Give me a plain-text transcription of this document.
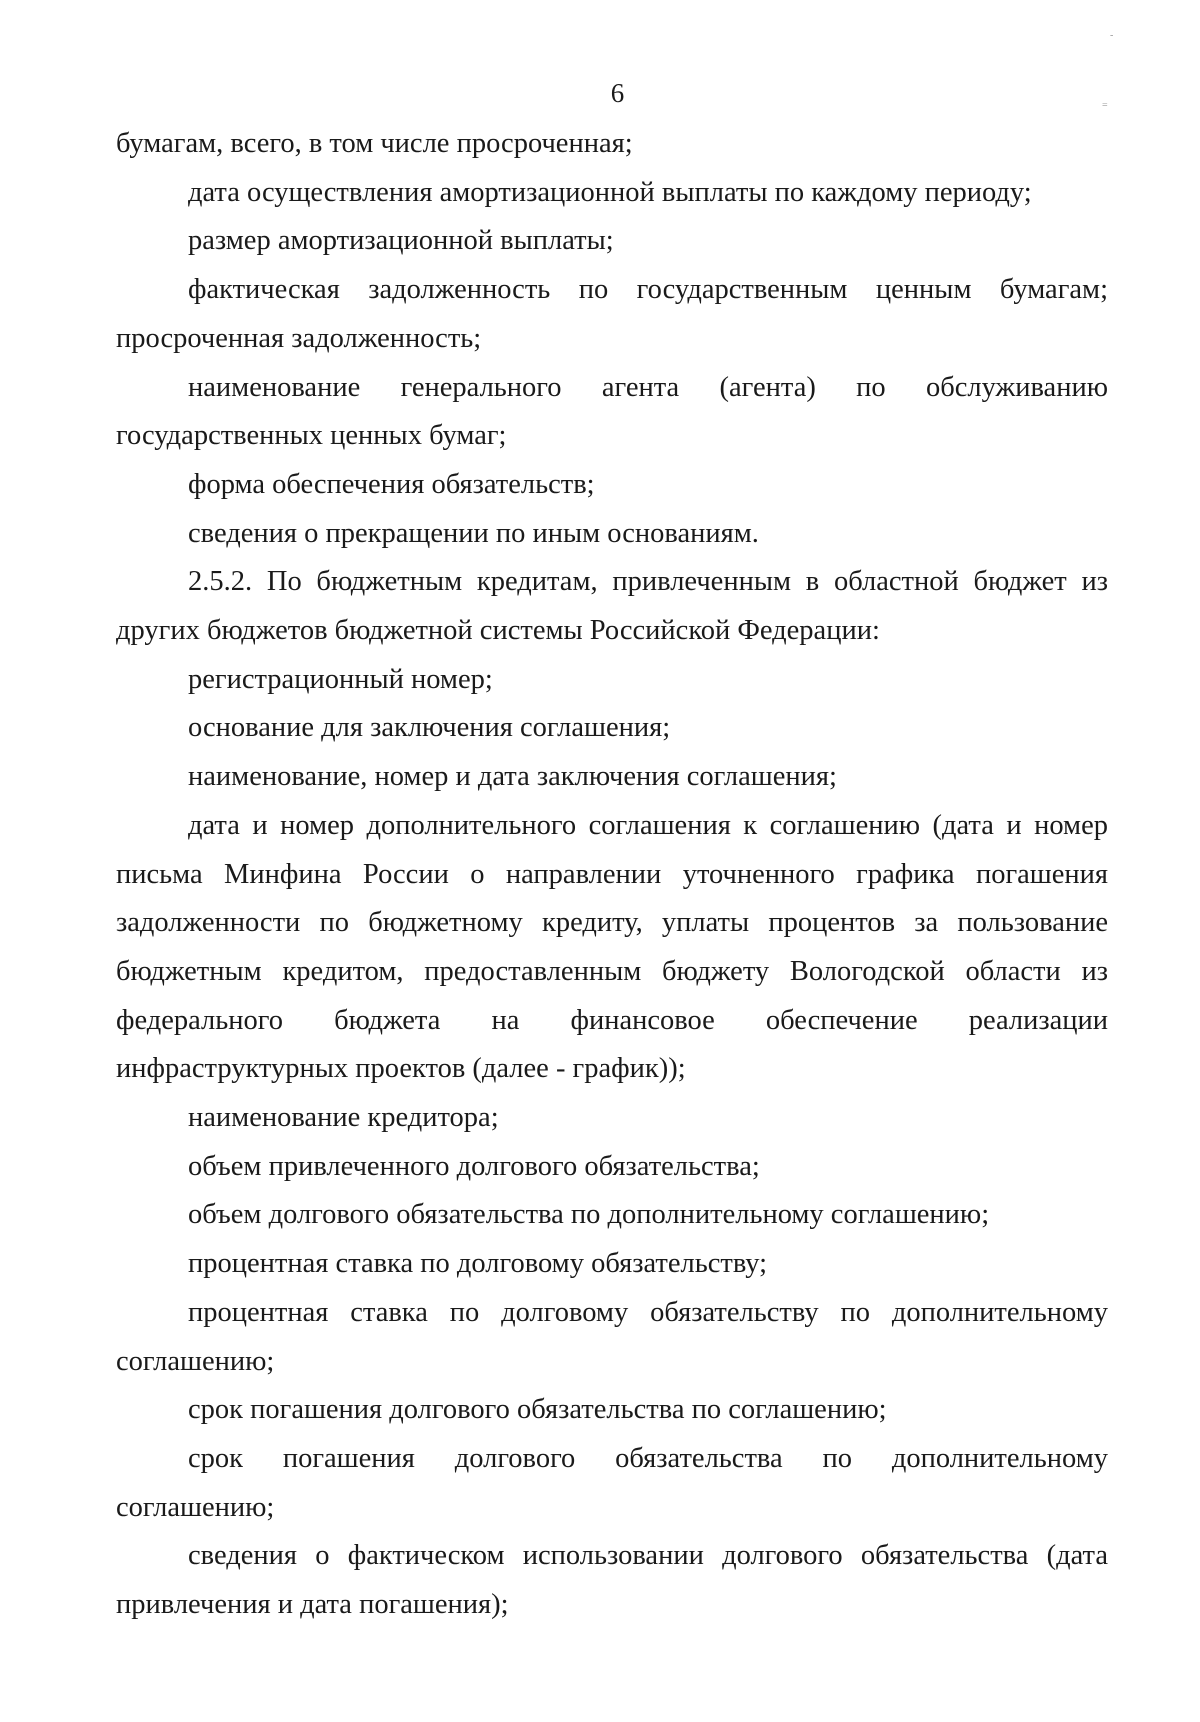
6
-
=

бумагам, всего, в том числе просроченная;

дата осуществления амортизационной выплаты по каждому периоду;

размер амортизационной выплаты;

фактическая задолженность по государственным ценным бумагам; просроченная задолженность;

наименование генерального агента (агента) по обслуживанию государственных ценных бумаг;

форма обеспечения обязательств;

сведения о прекращении по иным основаниям.

2.5.2. По бюджетным кредитам, привлеченным в областной бюджет из других бюджетов бюджетной системы Российской Федерации:

регистрационный номер;

основание для заключения соглашения;

наименование, номер и дата заключения соглашения;

дата и номер дополнительного соглашения к соглашению (дата и номер письма Минфина России о направлении уточненного графика погашения задолженности по бюджетному кредиту, уплаты процентов за пользование бюджетным кредитом, предоставленным бюджету Вологодской области из федерального бюджета на финансовое обеспечение реализации инфраструктурных проектов (далее - график));

наименование кредитора;

объем привлеченного долгового обязательства;

объем долгового обязательства по дополнительному соглашению;

процентная ставка по долговому обязательству;

процентная ставка по долговому обязательству по дополнительному соглашению;

срок погашения долгового обязательства по соглашению;

срок погашения долгового обязательства по дополнительному соглашению;

сведения о фактическом использовании долгового обязательства (дата привлечения и дата погашения);
